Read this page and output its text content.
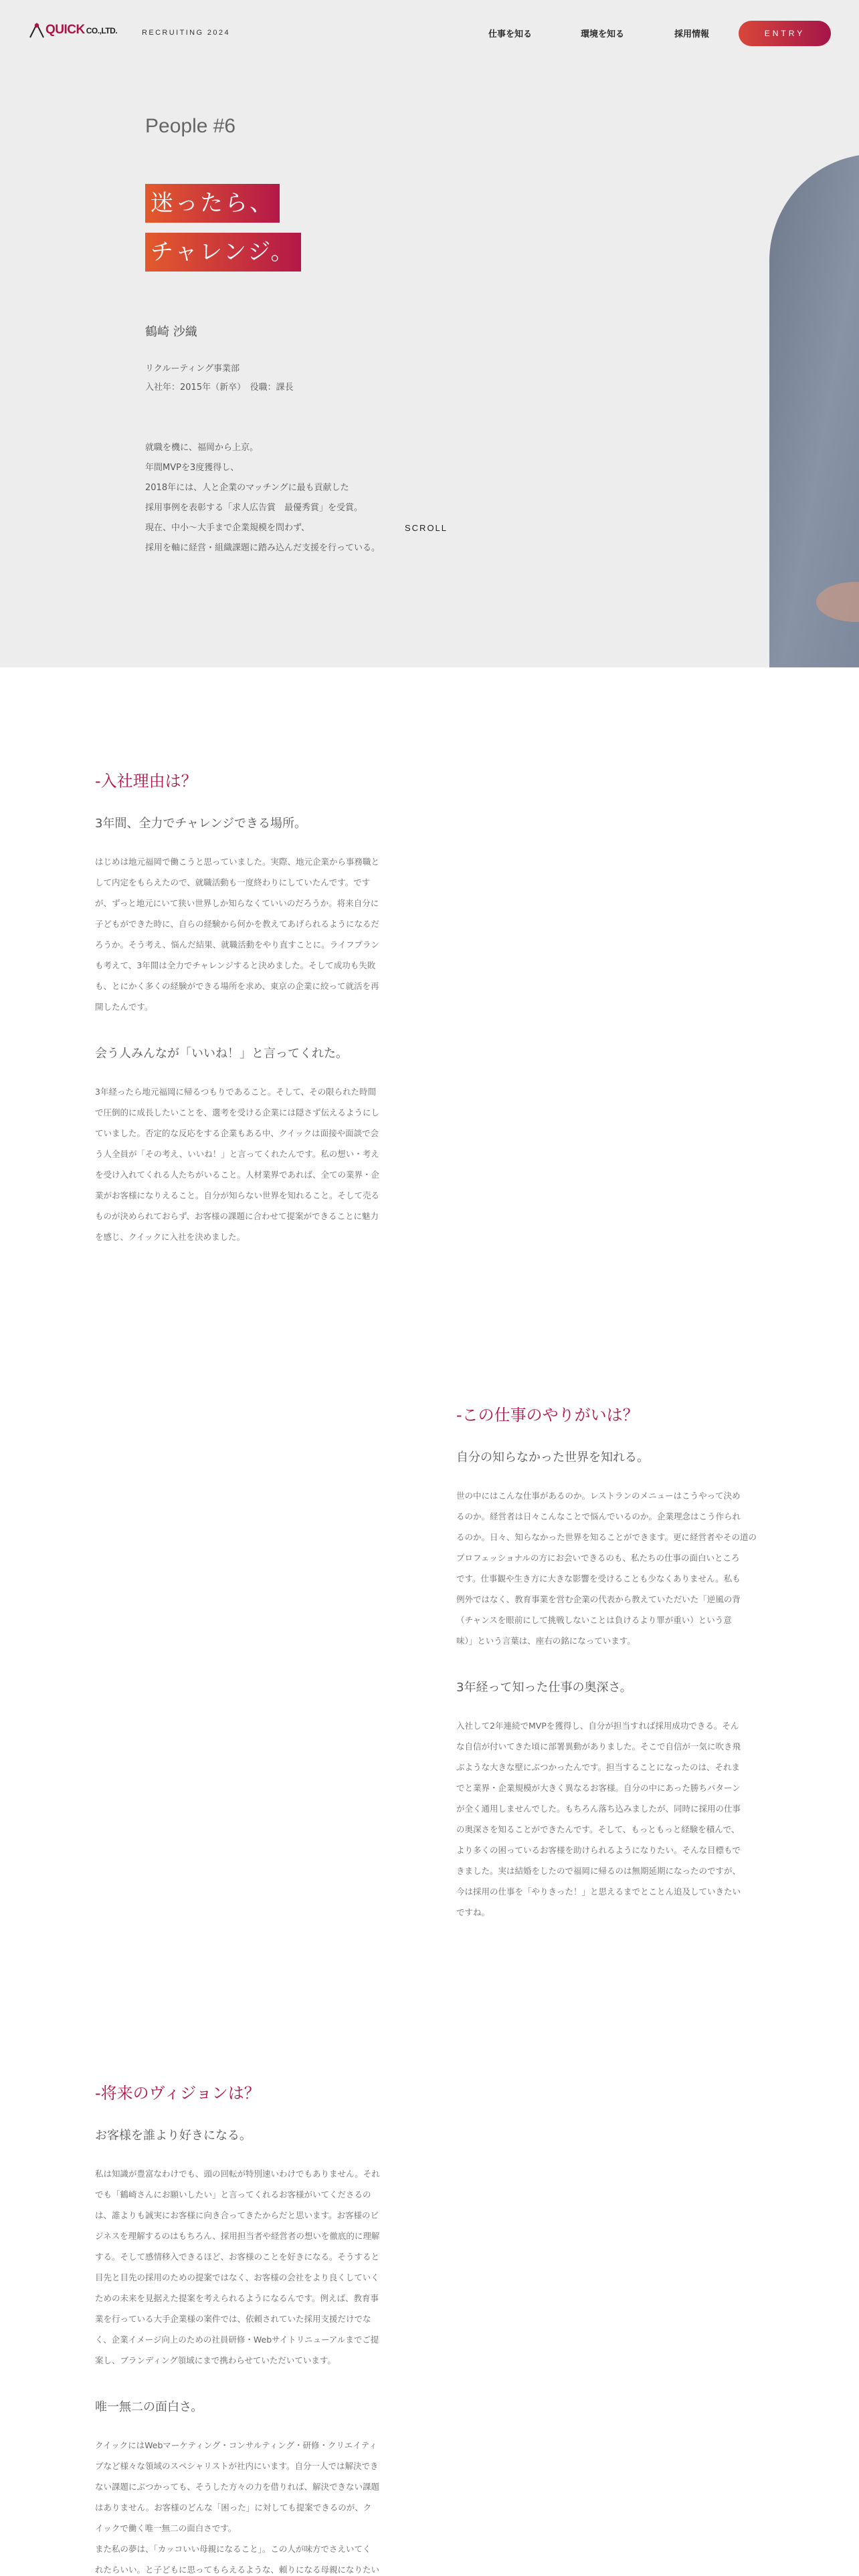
People #6
迷ったら、
チャレンジ。
鶴崎 沙織
リクルーティング事業部
入社年：2015年（新卒）　役職：課長
就職を機に、福岡から上京。
年間MVPを3度獲得し、
2018年には、人と企業のマッチングに最も貢献した
採用事例を表彰する「求人広告賞　最優秀賞」を受賞。
現在、中小〜大手まで企業規模を問わず、
採用を軸に経営・組織課題に踏み込んだ支援を行っている。
SCROLL
QUICK CO.,LTD.	RECRUITING 2024	仕事を知る	環境を知る	採用情報	ENTRY
-入社理由は？
3年間、全力でチャレンジできる場所。
はじめは地元福岡で働こうと思っていました。実際、地元企業から事務職と
して内定をもらえたので、就職活動も一度終わりにしていたんです。です
が、ずっと地元にいて狭い世界しか知らなくていいのだろうか。将来自分に
子どもができた時に、自らの経験から何かを教えてあげられるようになるだ
ろうか。そう考え、悩んだ結果、就職活動をやり直すことに。ライフプラン
も考えて、3年間は全力でチャレンジすると決めました。そして成功も失敗
も、とにかく多くの経験ができる場所を求め、東京の企業に絞って就活を再
開したんです。
会う人みんなが「いいね！」と言ってくれた。
3年経ったら地元福岡に帰るつもりであること。そして、その限られた時間
で圧倒的に成長したいことを、選考を受ける企業には隠さず伝えるようにし
ていました。否定的な反応をする企業もある中、クイックは面接や面談で会
う人全員が「その考え、いいね！」と言ってくれたんです。私の想い・考え
を受け入れてくれる人たちがいること。人材業界であれば、全ての業界・企
業がお客様になりえること。自分が知らない世界を知れること。そして売る
ものが決められておらず、お客様の課題に合わせて提案ができることに魅力
を感じ、クイックに入社を決めました。
-この仕事のやりがいは？
自分の知らなかった世界を知れる。
世の中にはこんな仕事があるのか。レストランのメニューはこうやって決め
るのか。経営者は日々こんなことで悩んでいるのか。企業理念はこう作られ
るのか。日々、知らなかった世界を知ることができます。更に経営者やその道の
プロフェッショナルの方にお会いできるのも、私たちの仕事の面白いところ
です。仕事観や生き方に大きな影響を受けることも少なくありません。私も
例外ではなく、教育事業を営む企業の代表から教えていただいた「逆風の背
（チャンスを眼前にして挑戦しないことは負けるより罪が重い）という意
味）」という言葉は、座右の銘になっています。
3年経って知った仕事の奥深さ。
入社して2年連続でMVPを獲得し、自分が担当すれば採用成功できる。そん
な自信が付いてきた頃に部署異動がありました。そこで自信が一気に吹き飛
ぶような大きな壁にぶつかったんです。担当することになったのは、それま
でと業界・企業規模が大きく異なるお客様。自分の中にあった勝ちパターン
が全く通用しませんでした。もちろん落ち込みましたが、同時に採用の仕事
の奥深さを知ることができたんです。そして、もっともっと経験を積んで、
より多くの困っているお客様を助けられるようになりたい。そんな目標もで
きました。実は結婚をしたので福岡に帰るのは無期延期になったのですが、
今は採用の仕事を「やりきった！」と思えるまでとことん追及していきたい
ですね。
-将来のヴィジョンは？
お客様を誰より好きになる。
私は知識が豊富なわけでも、頭の回転が特別速いわけでもありません。それ
でも「鶴崎さんにお願いしたい」と言ってくれるお客様がいてくださるの
は、誰よりも誠実にお客様に向き合ってきたからだと思います。お客様のビ
ジネスを理解するのはもちろん、採用担当者や経営者の想いを徹底的に理解
する。そして感情移入できるほど、お客様のことを好きになる。そうすると
目先と目先の採用のための提案ではなく、お客様の会社をより良くしていく
ための未来を見据えた提案を考えられるようになるんです。例えば、教育事
業を行っている大手企業様の案件では、依頼されていた採用支援だけでな
く、企業イメージ向上のための社員研修・Webサイトリニューアルまでご提
案し、ブランディング領域にまで携わらせていただいています。
唯一無二の面白さ。
クイックにはWebマーケティング・コンサルティング・研修・クリエイティ
ブなど様々な領域のスペシャリストが社内にいます。自分一人では解決でき
ない課題にぶつかっても、そうした方々の力を借りれば、解決できない課題
はありません。お客様のどんな「困った」に対しても提案できるのが、ク
イックで働く唯一無二の面白さです。
また私の夢は、「カッコいい母親になること」。この人が味方でさえいてく
れたらいい。と子どもに思ってもらえるような、頼りになる母親になりたい
